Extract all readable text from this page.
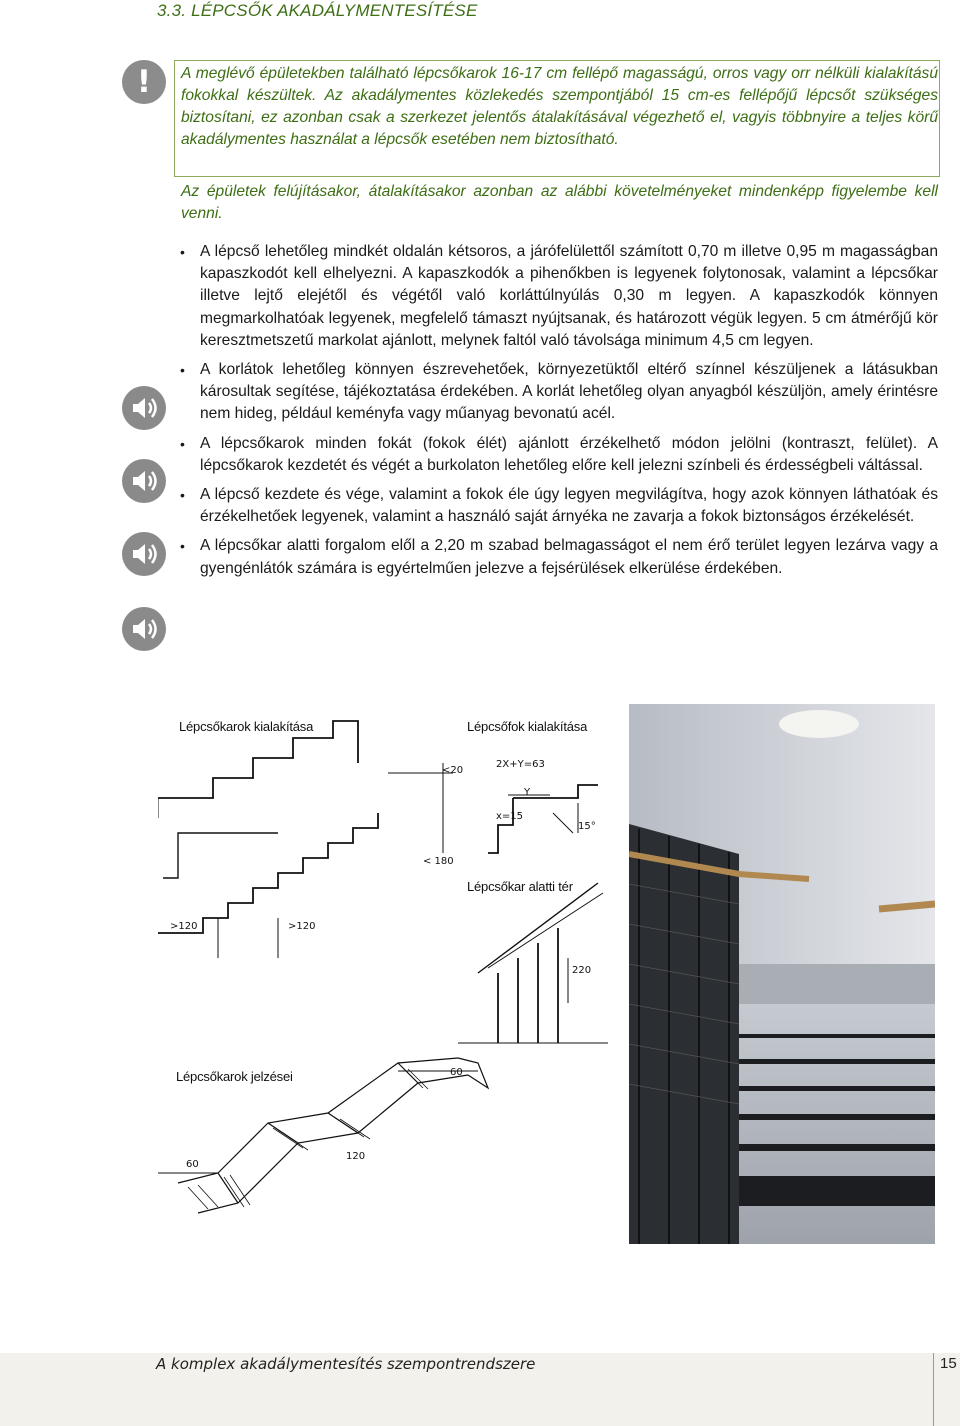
3.3. LÉPCSŐK AKADÁLYMENTESÍTÉSE
!	A meglévő épületekben található lépcsőkarok 16-17 cm fellépő magasságú, orros vagy orr nélküli kialakítású fokokkal készültek. Az akadálymentes közlekedés szempontjából 15 cm-es fellépőjű lépcsőt szükséges biztosítani, ez azonban csak a szerkezet jelentős átalakításával végezhető el, vagyis többnyire a teljes körű akadálymentes használat a lépcsők esetében nem biztosítható.

Az épületek felújításakor, átalakításakor azonban az alábbi követelményeket mindenképp figyelembe kell venni.

• A lépcső lehetőleg mindkét oldalán kétsoros, a járófelülettől számított 0,70 m illetve 0,95 m magasságban kapaszkodót kell elhelyezni. A kapaszkodók a pihenőkben is legyenek folytonosak, valamint a lépcsőkar illetve lejtő elejétől és végétől való korláttúlnyúlás 0,30 m legyen. A kapaszkodók könnyen megmarkolhatóak legyenek, megfelelő támaszt nyújtsanak, és határozott végük legyen. 5 cm átmérőjű kör keresztmetszetű markolat ajánlott, melynek faltól való távolsága minimum 4,5 cm legyen.
• A korlátok lehetőleg könnyen észrevehetőek, környezetüktől eltérő színnel készüljenek a látásukban károsultak segítése, tájékoztatása érdekében. A korlát lehetőleg olyan anyagból készüljön, amely érintésre nem hideg, például keményfa vagy műanyag bevonatú acél.
• A lépcsőkarok minden fokát (fokok élét) ajánlott érzékelhető módon jelölni (kontraszt, felület). A lépcsőkarok kezdetét és végét a burkolaton lehetőleg előre kell jelezni színbeli és érdességbeli váltással.
• A lépcső kezdete és vége, valamint a fokok éle úgy legyen megvilágítva, hogy azok könnyen láthatóak és érzékelhetőek legyenek, valamint a használó saját árnyéka ne zavarja a fokok biztonságos érzékelését.
• A lépcsőkar alatti forgalom elől a 2,20 m szabad belmagasságot el nem érő terület legyen lezárva vagy a gyengénlátók számára is egyértelműen jelezve a fejsérülések elkerülése érdekében.
Lépcsőkarok kialakítása	Lépcsőfok kialakítása
Lépcsőkar alatti tér
Lépcsőkarok jelzései
<20
< 180
>120	>120
2X+Y=63
Y
x=15
15°
220
60
60
120
A komplex akadálymentesítés szempontrendszere	15
